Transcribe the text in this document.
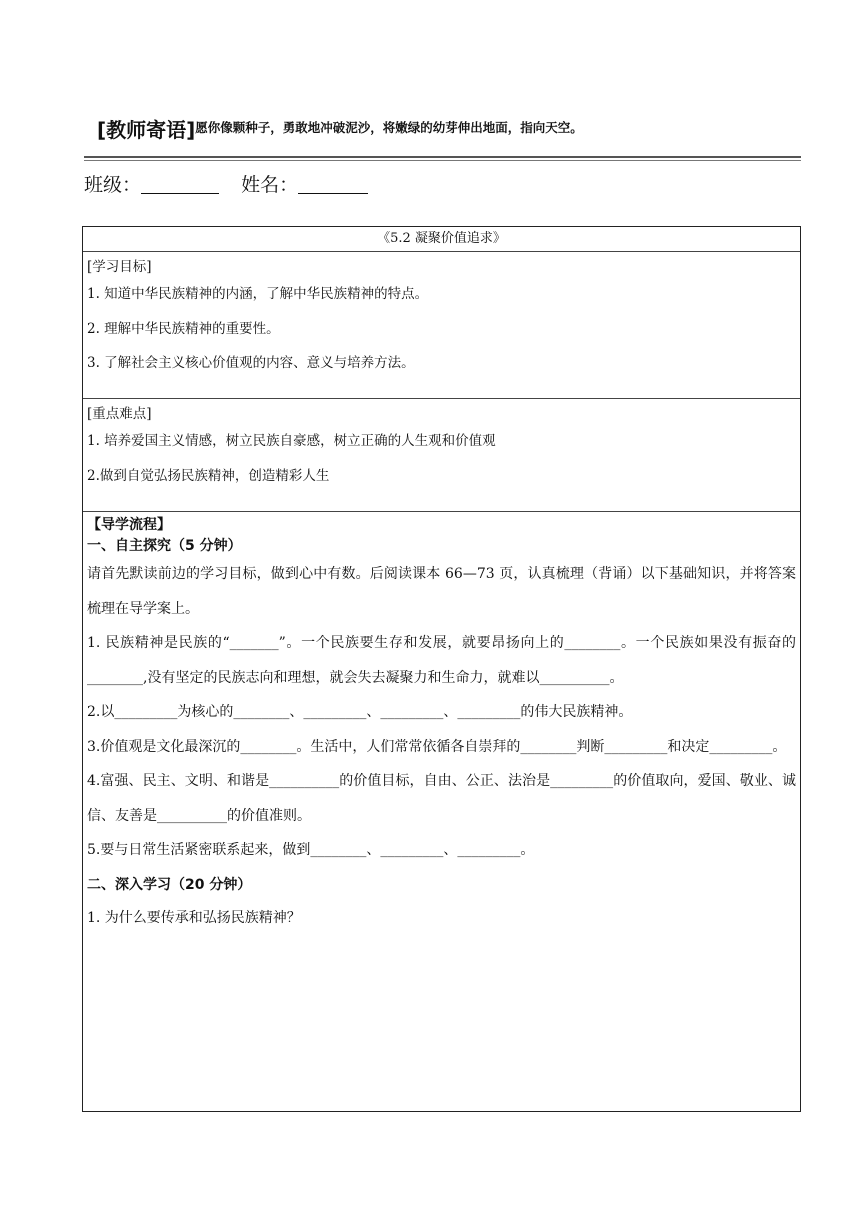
[教师寄语]$^{愿你像颗种子,勇敢地冲破泥沙,将嫩绿的幼芽伸出地面,指向天空。}$
班级：	姓名：
《5.2 凝聚价值追求》
[学习目标]
1. 知道中华民族精神的内涵，了解中华民族精神的特点。
2. 理解中华民族精神的重要性。
3. 了解社会主义核心价值观的内容、意义与培养方法。
[重点难点]
1. 培养爱国主义情感，树立民族自豪感，树立正确的人生观和价值观
2.做到自觉弘扬民族精神，创造精彩人生
【导学流程】
一、自主探究（5 分钟）
请首先默读前边的学习目标，做到心中有数。后阅读课本 66—73 页，认真梳理（背诵）以下基础知识，并将答案梳理在导学案上。
1. 民族精神是民族的“_______”。一个民族要生存和发展，就要昂扬向上的________。一个民族如果没有振奋的________,没有坚定的民族志向和理想，就会失去凝聚力和生命力，就难以__________。
2.以_________为核心的________、_________、_________、_________的伟大民族精神。
3.价值观是文化最深沉的________。生活中，人们常常依循各自崇拜的________判断_________和决定_________。
4.富强、民主、文明、和谐是__________的价值目标，自由、公正、法治是_________的价值取向，爱国、敬业、诚信、友善是__________的价值准则。
5.要与日常生活紧密联系起来，做到________、_________、_________。
二、深入学习（20 分钟）
1. 为什么要传承和弘扬民族精神？
